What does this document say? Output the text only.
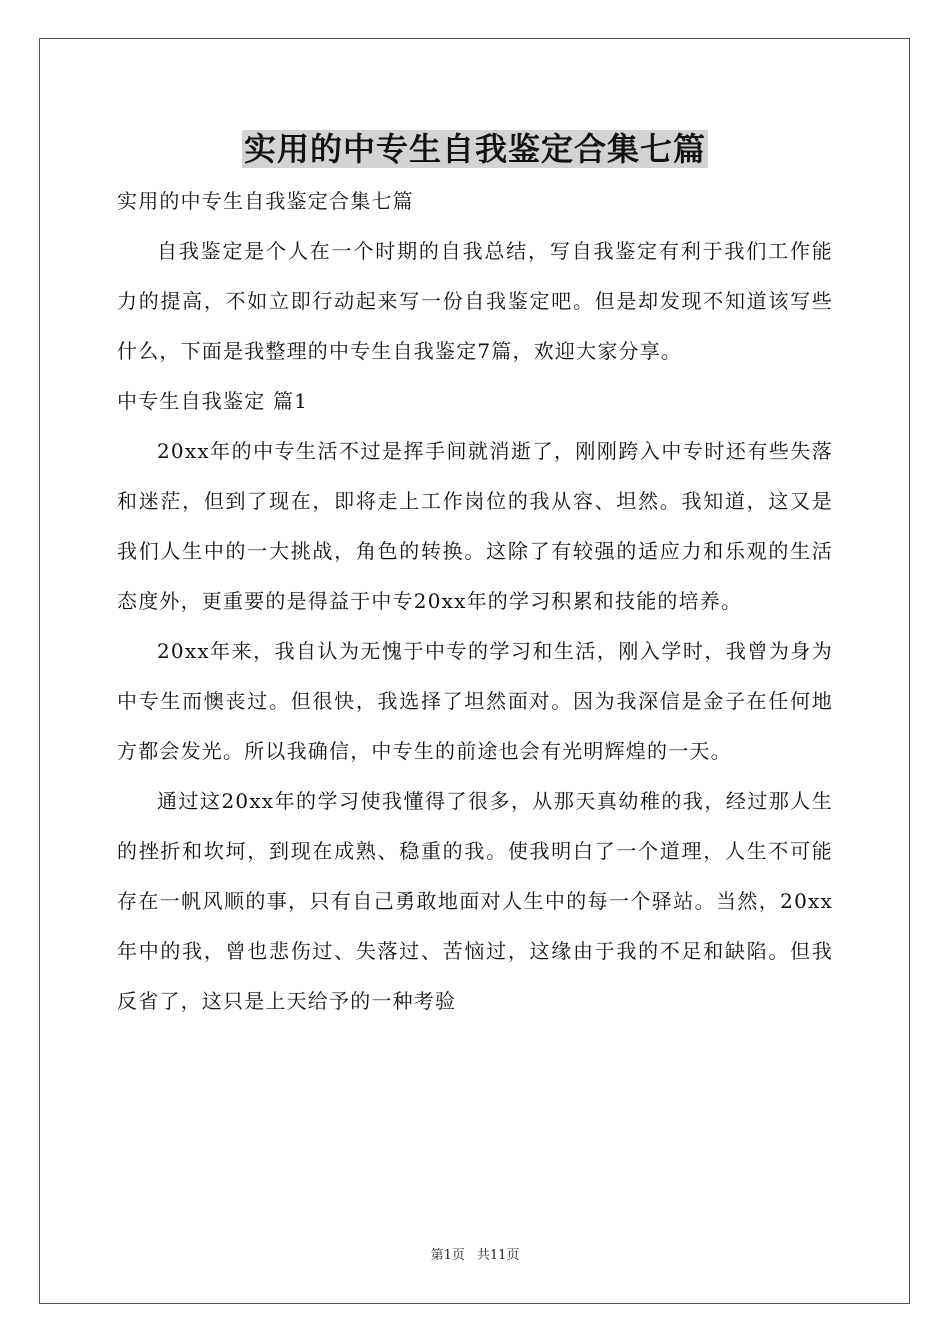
实用的中专生自我鉴定合集七篇

实用的中专生自我鉴定合集七篇

自我鉴定是个人在一个时期的自我总结，写自我鉴定有利于我们工作能力的提高，不如立即行动起来写一份自我鉴定吧。但是却发现不知道该写些什么，下面是我整理的中专生自我鉴定7篇，欢迎大家分享。

中专生自我鉴定 篇1

20xx年的中专生活不过是挥手间就消逝了，刚刚跨入中专时还有些失落和迷茫，但到了现在，即将走上工作岗位的我从容、坦然。我知道，这又是我们人生中的一大挑战，角色的转换。这除了有较强的适应力和乐观的生活态度外，更重要的是得益于中专20xx年的学习积累和技能的培养。

20xx年来，我自认为无愧于中专的学习和生活，刚入学时，我曾为身为中专生而懊丧过。但很快，我选择了坦然面对。因为我深信是金子在任何地方都会发光。所以我确信，中专生的前途也会有光明辉煌的一天。

通过这20xx年的学习使我懂得了很多，从那天真幼稚的我，经过那人生的挫折和坎坷，到现在成熟、稳重的我。使我明白了一个道理，人生不可能存在一帆风顺的事，只有自己勇敢地面对人生中的每一个驿站。当然，20xx年中的我，曾也悲伤过、失落过、苦恼过，这缘由于我的不足和缺陷。但我反省了，这只是上天给予的一种考验

第1页 共11页
